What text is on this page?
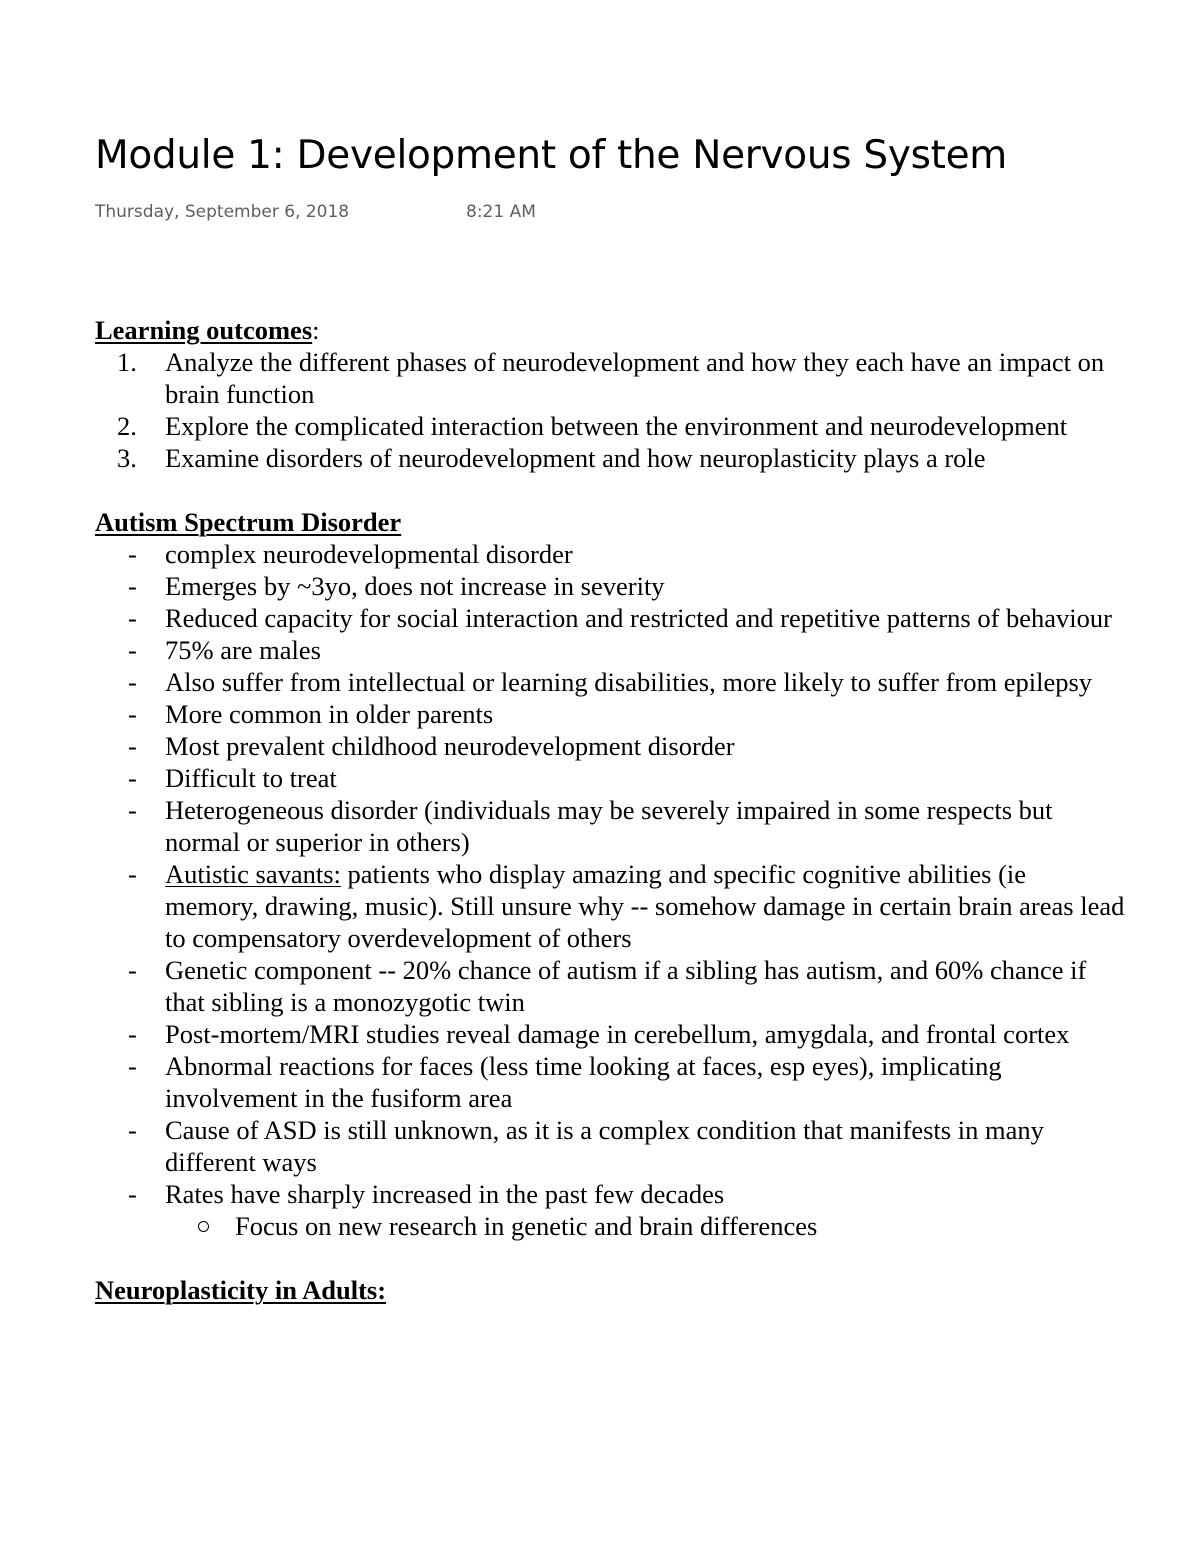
Module 1: Development of the Nervous System
Thursday, September 6, 2018	8:21 AM
Learning outcomes:
1. Analyze the different phases of neurodevelopment and how they each have an impact on brain function
2. Explore the complicated interaction between the environment and neurodevelopment
3. Examine disorders of neurodevelopment and how neuroplasticity plays a role
Autism Spectrum Disorder
- complex neurodevelopmental disorder
- Emerges by ~3yo, does not increase in severity
- Reduced capacity for social interaction and restricted and repetitive patterns of behaviour
- 75% are males
- Also suffer from intellectual or learning disabilities, more likely to suffer from epilepsy
- More common in older parents
- Most prevalent childhood neurodevelopment disorder
- Difficult to treat
- Heterogeneous disorder (individuals may be severely impaired in some respects but normal or superior in others)
- Autistic savants: patients who display amazing and specific cognitive abilities (ie memory, drawing, music). Still unsure why -- somehow damage in certain brain areas lead to compensatory overdevelopment of others
- Genetic component -- 20% chance of autism if a sibling has autism, and 60% chance if that sibling is a monozygotic twin
- Post-mortem/MRI studies reveal damage in cerebellum, amygdala, and frontal cortex
- Abnormal reactions for faces (less time looking at faces, esp eyes), implicating involvement in the fusiform area
- Cause of ASD is still unknown, as it is a complex condition that manifests in many different ways
- Rates have sharply increased in the past few decades
Focus on new research in genetic and brain differences
Neuroplasticity in Adults:
